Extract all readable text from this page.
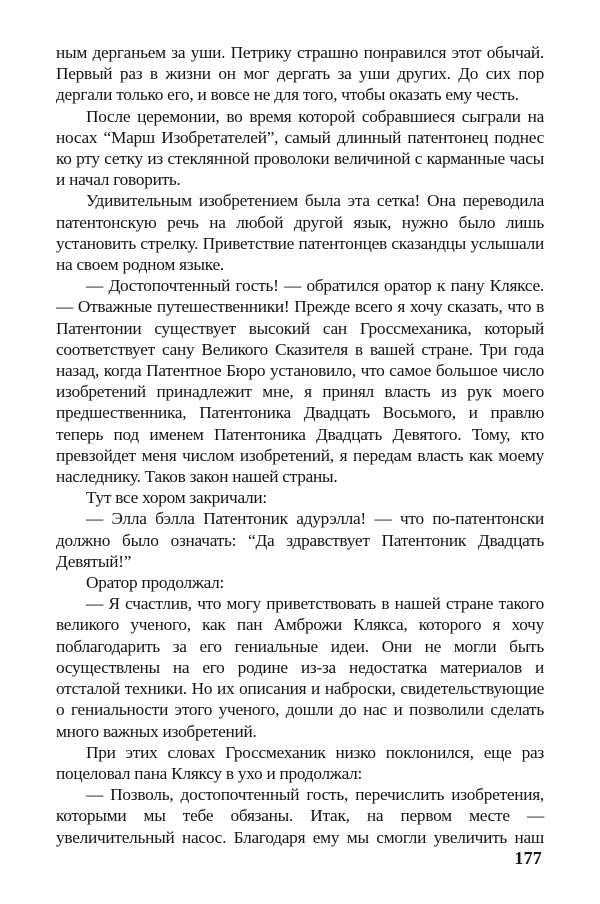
ным дерганьем за уши. Петрику страшно понравился этот обычай. Первый раз в жизни он мог дергать за уши других. До сих пор дергали только его, и вовсе не для того, чтобы оказать ему честь.

После церемонии, во время которой собравшиеся сыграли на носах “Марш Изобретателей”, самый длинный патентонец поднес ко рту сетку из стеклянной проволоки величиной с карманные часы и начал говорить.

Удивительным изобретением была эта сетка! Она переводила патентонскую речь на любой другой язык, нужно было лишь установить стрелку. Приветствие патентонцев сказандцы услышали на своем родном языке.

— Достопочтенный гость! — обратился оратор к пану Кляксе. — Отважные путешественники! Прежде всего я хочу сказать, что в Патентонии существует высокий сан Гроссмеханика, который соответствует сану Великого Сказителя в вашей стране. Три года назад, когда Патентное Бюро установило, что самое большое число изобретений принадлежит мне, я принял власть из рук моего предшественника, Патентоника Двадцать Восьмого, и правлю теперь под именем Патентоника Двадцать Девятого. Тому, кто превзойдет меня числом изобретений, я передам власть как моему наследнику. Таков закон нашей страны.

Тут все хором закричали:

— Элла бэлла Патентоник адурэлла! — что по-патентонски должно было означать: “Да здравствует Патентоник Двадцать Девятый!”

Оратор продолжал:

— Я счастлив, что могу приветствовать в нашей стране такого великого ученого, как пан Амброжи Клякса, которого я хочу поблагодарить за его гениальные идеи. Они не могли быть осуществлены на его родине из-за недостатка материалов и отсталой техники. Но их описания и наброски, свидетельствующие о гениальности этого ученого, дошли до нас и позволили сделать много важных изобретений.

При этих словах Гроссмеханик низко поклонился, еще раз поцеловал пана Кляксу в ухо и продолжал:

— Позволь, достопочтенный гость, перечислить изобретения, которыми мы тебе обязаны. Итак, на первом месте — увеличительный насос. Благодаря ему мы смогли увеличить наш

177
